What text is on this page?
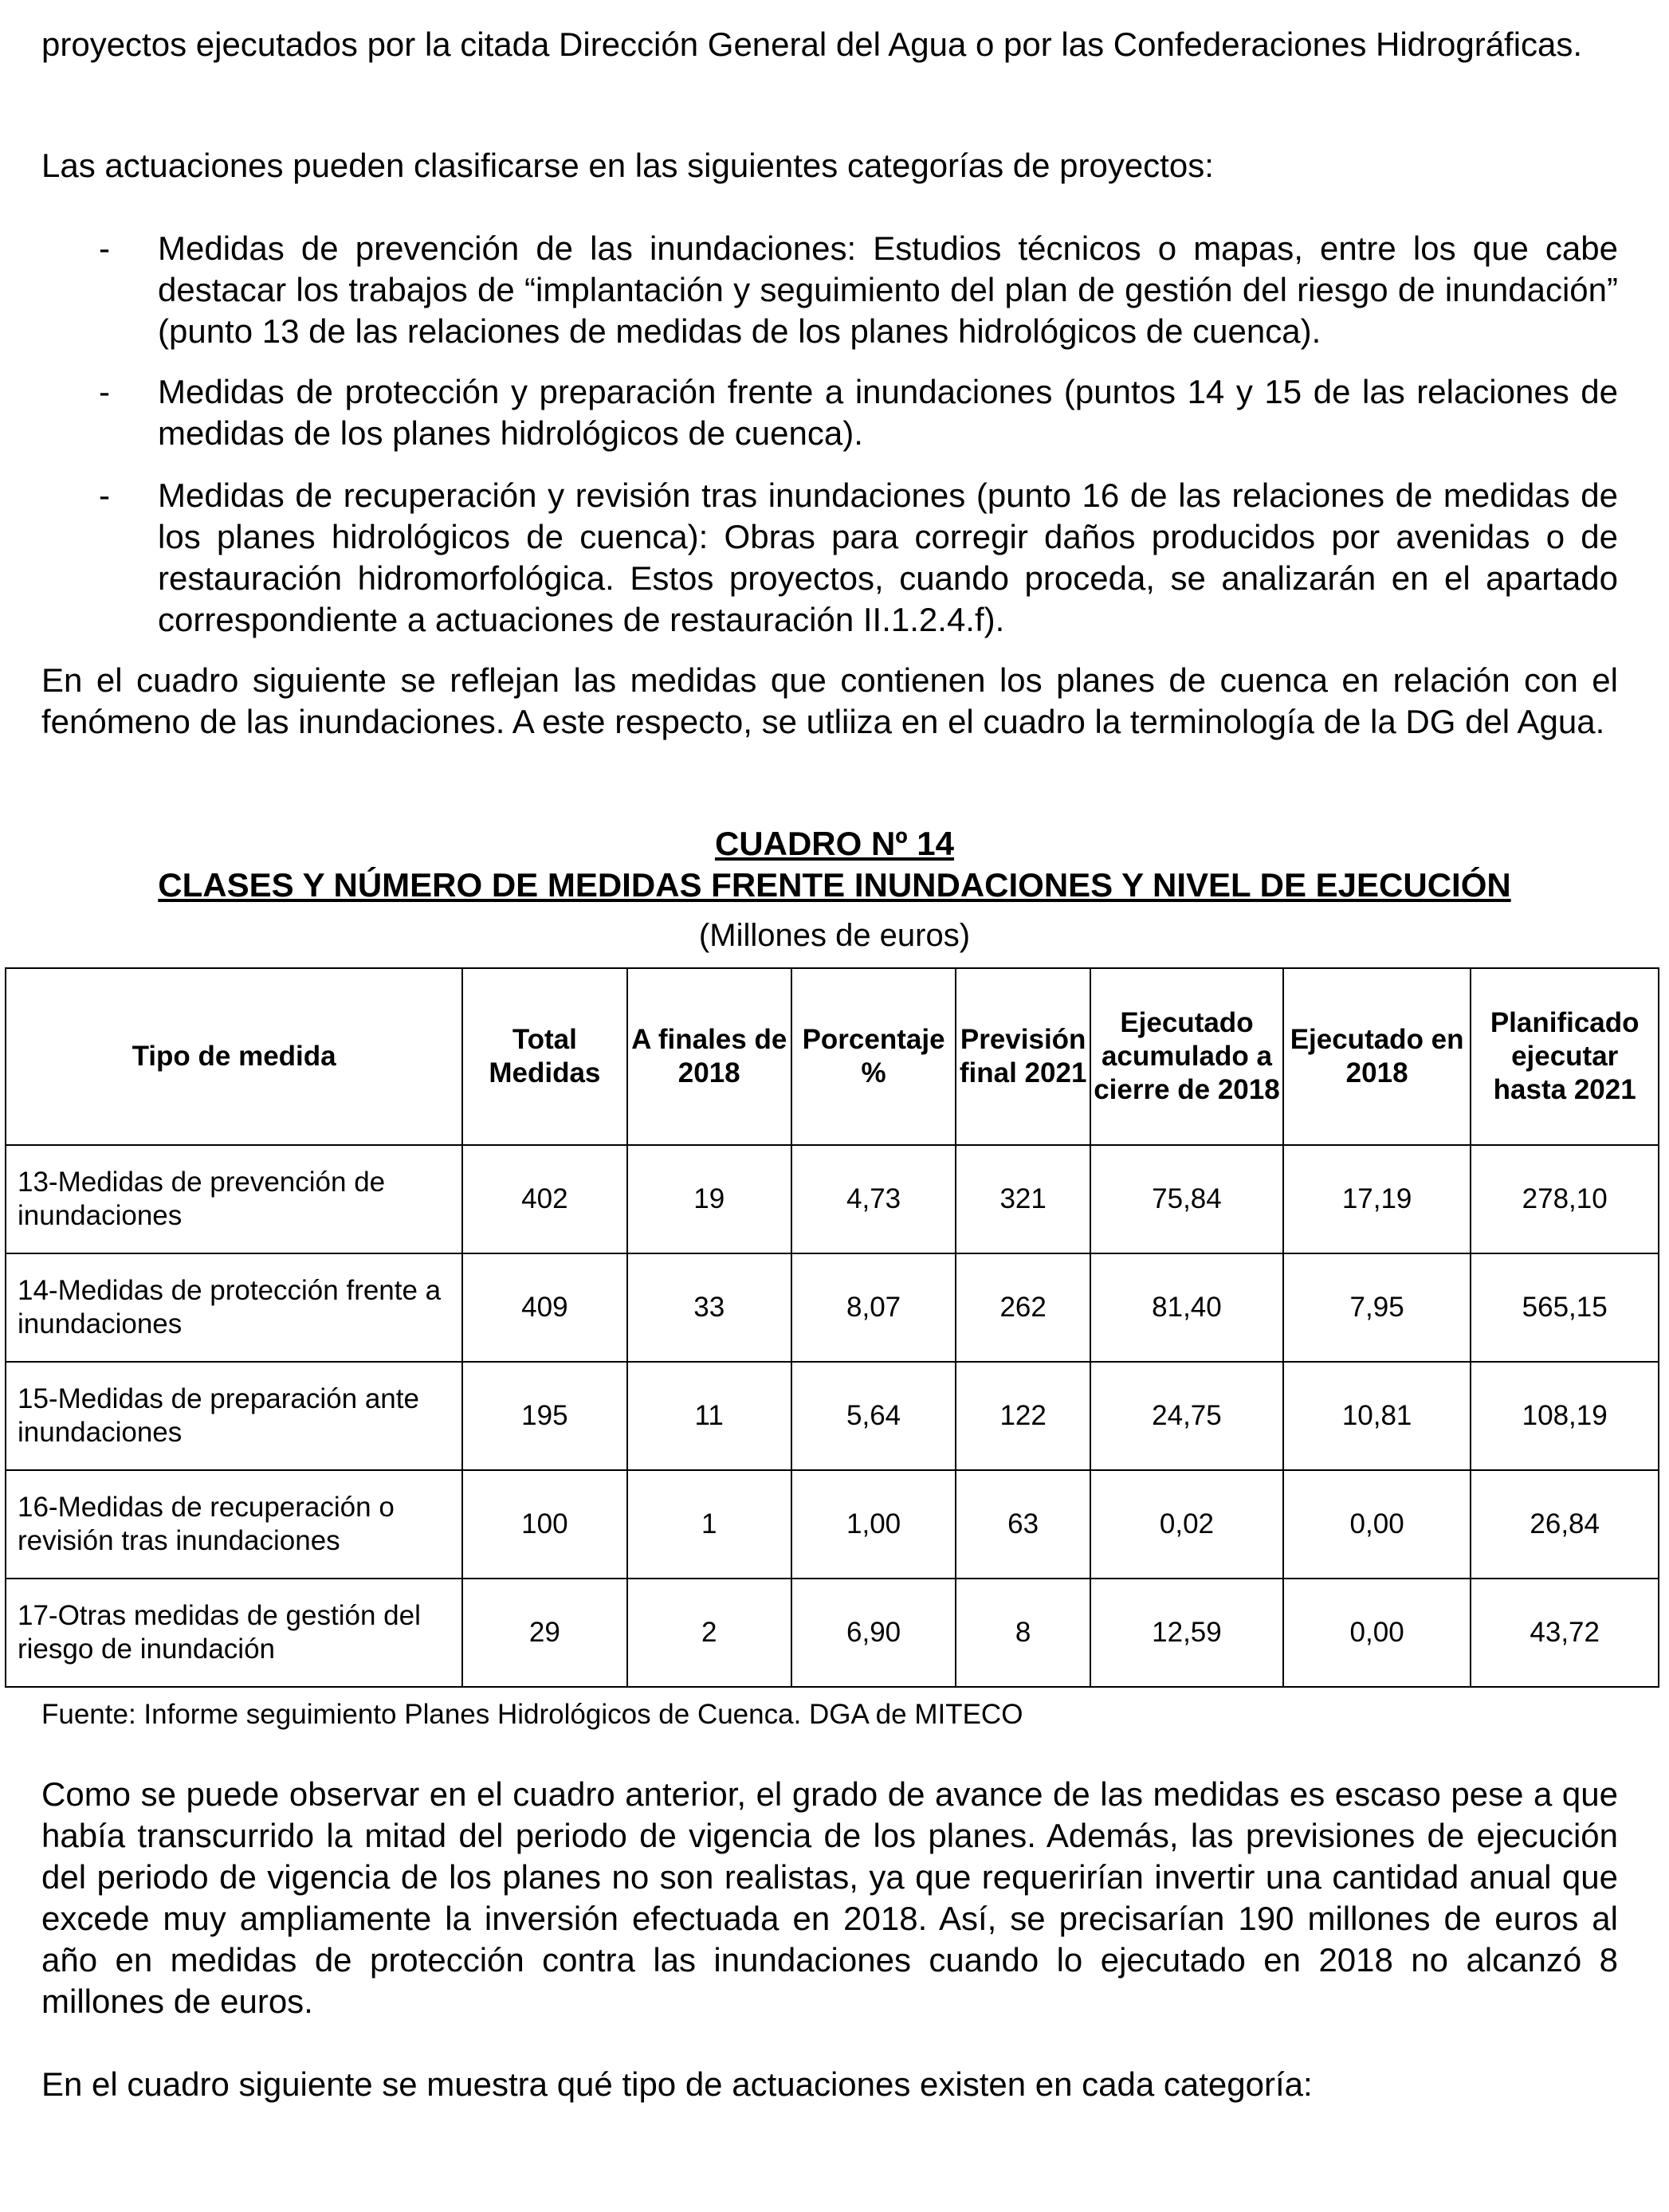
proyectos ejecutados por la citada Dirección General del Agua o por las Confederaciones Hidrográficas.

Las actuaciones pueden clasificarse en las siguientes categorías de proyectos:

-	Medidas de prevención de las inundaciones: Estudios técnicos o mapas, entre los que cabe destacar los trabajos de “implantación y seguimiento del plan de gestión del riesgo de inundación” (punto 13 de las relaciones de medidas de los planes hidrológicos de cuenca).

-	Medidas de protección y preparación frente a inundaciones (puntos 14 y 15 de las relaciones de medidas de los planes hidrológicos de cuenca).

-	Medidas de recuperación y revisión tras inundaciones (punto 16 de las relaciones de medidas de los planes hidrológicos de cuenca): Obras para corregir daños producidos por avenidas o de restauración hidromorfológica. Estos proyectos, cuando proceda, se analizarán en el apartado correspondiente a actuaciones de restauración II.1.2.4.f).

En el cuadro siguiente se reflejan las medidas que contienen los planes de cuenca en relación con el fenómeno de las inundaciones. A este respecto, se utliiza en el cuadro la terminología de la DG del Agua.

CUADRO Nº 14
CLASES Y NÚMERO DE MEDIDAS FRENTE INUNDACIONES Y NIVEL DE EJECUCIÓN
(Millones de euros)
Tipo de medida	Total Medidas	A finales de 2018	Porcentaje %	Previsión final 2021	Ejecutado acumulado a cierre de 2018	Ejecutado en 2018	Planificado ejecutar hasta 2021
13-Medidas de prevención de inundaciones	402	19	4,73	321	75,84	17,19	278,10
14-Medidas de protección frente a inundaciones	409	33	8,07	262	81,40	7,95	565,15
15-Medidas de preparación ante inundaciones	195	11	5,64	122	24,75	10,81	108,19
16-Medidas de recuperación o revisión tras inundaciones	100	1	1,00	63	0,02	0,00	26,84
17-Otras medidas de gestión del riesgo de inundación	29	2	6,90	8	12,59	0,00	43,72
Fuente: Informe seguimiento Planes Hidrológicos de Cuenca. DGA de MITECO

Como se puede observar en el cuadro anterior, el grado de avance de las medidas es escaso pese a que había transcurrido la mitad del periodo de vigencia de los planes. Además, las previsiones de ejecución del periodo de vigencia de los planes no son realistas, ya que requerirían invertir una cantidad anual que excede muy ampliamente la inversión efectuada en 2018. Así, se precisarían 190 millones de euros al año en medidas de protección contra las inundaciones cuando lo ejecutado en 2018 no alcanzó 8 millones de euros.

En el cuadro siguiente se muestra qué tipo de actuaciones existen en cada categoría:
